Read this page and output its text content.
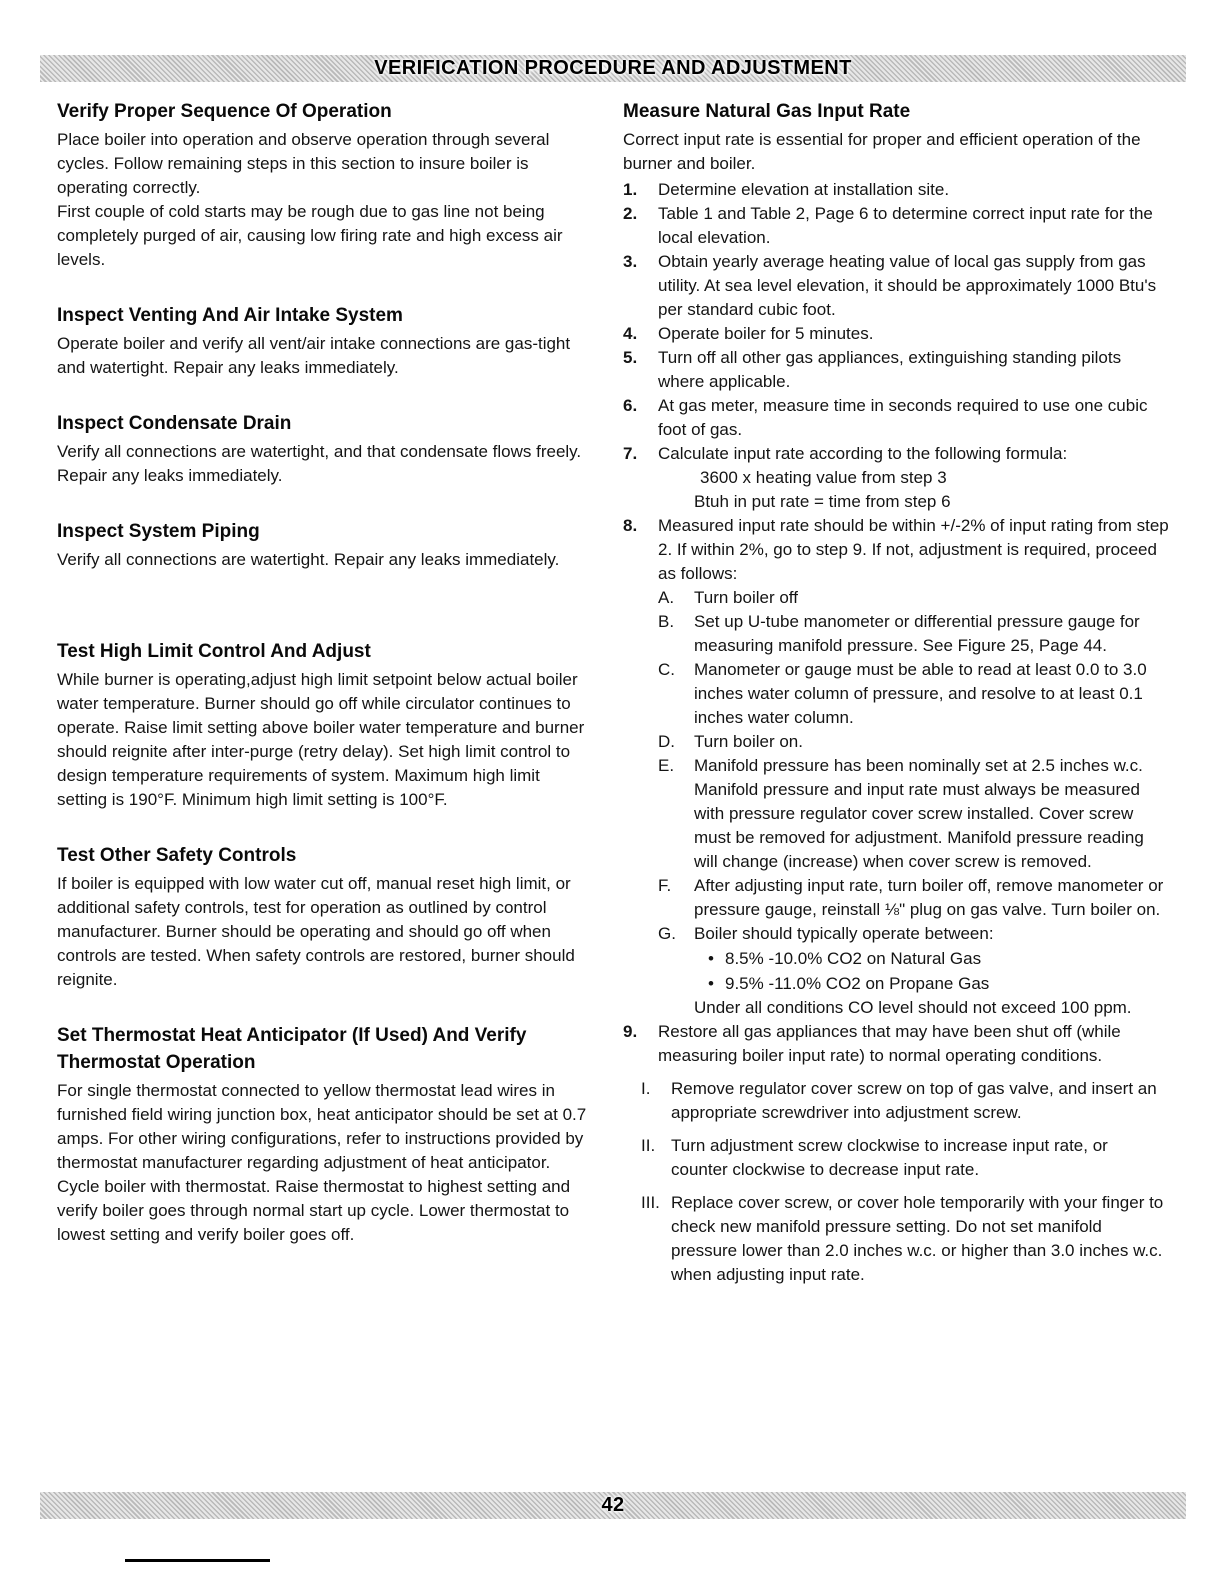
VERIFICATION PROCEDURE AND ADJUSTMENT
Verify Proper Sequence Of Operation
Place boiler into operation and observe operation through several cycles. Follow remaining steps in this section to insure boiler is operating correctly.
First couple of cold starts may be rough due to gas line not being completely purged of air, causing low firing rate and high excess air levels.
Inspect Venting And Air Intake System
Operate boiler and verify all vent/air intake connections are gas-tight and watertight. Repair any leaks immediately.
Inspect Condensate Drain
Verify all connections are watertight, and that condensate flows freely. Repair any leaks immediately.
Inspect System Piping
Verify all connections are watertight. Repair any leaks immediately.
Test High Limit Control And Adjust
While burner is operating,adjust high limit setpoint below actual boiler water temperature. Burner should go off while circulator continues to operate. Raise limit setting above boiler water temperature and burner should reignite after inter-purge (retry delay). Set high limit control to design temperature requirements of system. Maximum high limit setting is 190°F. Minimum high limit setting is 100°F.
Test Other Safety Controls
If boiler is equipped with low water cut off, manual reset high limit, or additional safety controls, test for operation as outlined by control manufacturer. Burner should be operating and should go off when controls are tested. When safety controls are restored, burner should reignite.
Set Thermostat Heat Anticipator (If Used) And Verify Thermostat Operation
For single thermostat connected to yellow thermostat lead wires in furnished field wiring junction box, heat anticipator should be set at 0.7 amps. For other wiring configurations, refer to instructions provided by thermostat manufacturer regarding adjustment of heat anticipator. Cycle boiler with thermostat. Raise thermostat to highest setting and verify boiler goes through normal start up cycle. Lower thermostat to lowest setting and verify boiler goes off.
Measure Natural Gas Input Rate
Correct input rate is essential for proper and efficient operation of the burner and boiler.
1.	Determine elevation at installation site.
2.	Table 1 and Table 2, Page 6 to determine correct input rate for the local elevation.
3.	Obtain yearly average heating value of local gas supply from gas utility. At sea level elevation, it should be approximately 1000 Btu's per standard cubic foot.
4.	Operate boiler for 5 minutes.
5.	Turn off all other gas appliances, extinguishing standing pilots where applicable.
6.	At gas meter, measure time in seconds required to use one cubic foot of gas.
7.	Calculate input rate according to the following formula:
3600 x heating value from step 3
Btuh in put rate = time from step 6
8.	Measured input rate should be within +/-2% of input rating from step 2. If within 2%, go to step 9. If not, adjustment is required, proceed as follows:
A.	Turn boiler off
B.	Set up U-tube manometer or differential pressure gauge for measuring manifold pressure. See Figure 25, Page 44.
C.	Manometer or gauge must be able to read at least 0.0 to 3.0 inches water column of pressure, and resolve to at least 0.1 inches water column.
D.	Turn boiler on.
E.	Manifold pressure has been nominally set at 2.5 inches w.c. Manifold pressure and input rate must always be measured with pressure regulator cover screw installed. Cover screw must be removed for adjustment. Manifold pressure reading will change (increase) when cover screw is removed.
F.	After adjusting input rate, turn boiler off, remove manometer or pressure gauge, reinstall ⅛" plug on gas valve. Turn boiler on.
G.	Boiler should typically operate between:
• 8.5% -10.0% CO2 on Natural Gas
• 9.5% -11.0% CO2 on Propane Gas
Under all conditions CO level should not exceed 100 ppm.
9.	Restore all gas appliances that may have been shut off (while measuring boiler input rate) to normal operating conditions.
I.	Remove regulator cover screw on top of gas valve, and insert an appropriate screwdriver into adjustment screw.
II. Turn adjustment screw clockwise to increase input rate, or counter clockwise to decrease input rate.
III. Replace cover screw, or cover hole temporarily with your finger to check new manifold pressure setting. Do not set manifold pressure lower than 2.0 inches w.c. or higher than 3.0 inches w.c. when adjusting input rate.
42
